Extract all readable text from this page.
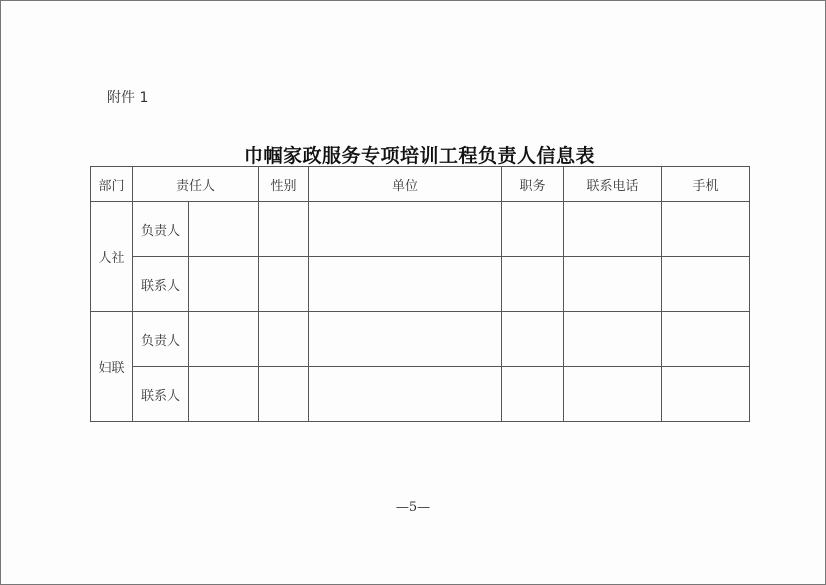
附件 1
巾帼家政服务专项培训工程负责人信息表
部门	责任人		性别	单位	职务	联系电话	手机
人社	负责人						
	联系人						
妇联	负责人						
	联系人						
—5—
